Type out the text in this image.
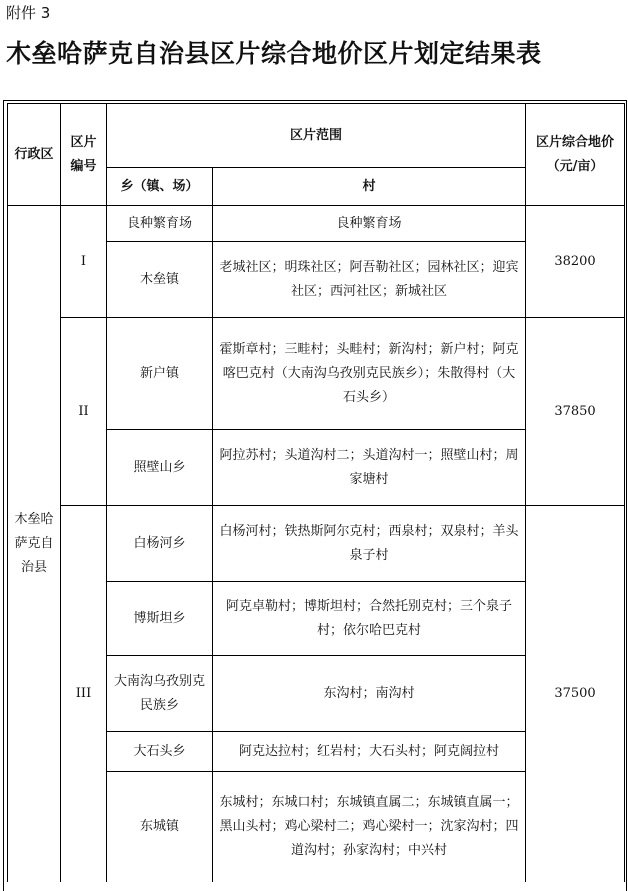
附件 3
木垒哈萨克自治县区片综合地价区片划定结果表
行政区	区片编号	区片范围		区片综合地价（元/亩）
		乡（镇、场）	村	
木垒哈萨克自治县	I	良种繁育场	良种繁育场	38200
		木垒镇	老城社区；明珠社区；阿吾勒社区；园林社区；迎宾社区；西河社区；新城社区	
	II	新户镇	霍斯章村；三畦村；头畦村；新沟村；新户村；阿克喀巴克村（大南沟乌孜别克民族乡）；朱散得村（大石头乡）	37850
		照壁山乡	阿拉苏村；头道沟村二；头道沟村一；照壁山村；周家塘村	
	III	白杨河乡	白杨河村；铁热斯阿尔克村；西泉村；双泉村；羊头泉子村	37500
		博斯坦乡	阿克卓勒村；博斯坦村；合然托别克村；三个泉子村；依尔哈巴克村	
		大南沟乌孜别克民族乡	东沟村；南沟村	
		大石头乡	阿克达拉村；红岩村；大石头村；阿克阔拉村	
		东城镇	东城村；东城口村；东城镇直属二；东城镇直属一；黑山头村；鸡心梁村二；鸡心梁村一；沈家沟村；四道沟村；孙家沟村；中兴村	
